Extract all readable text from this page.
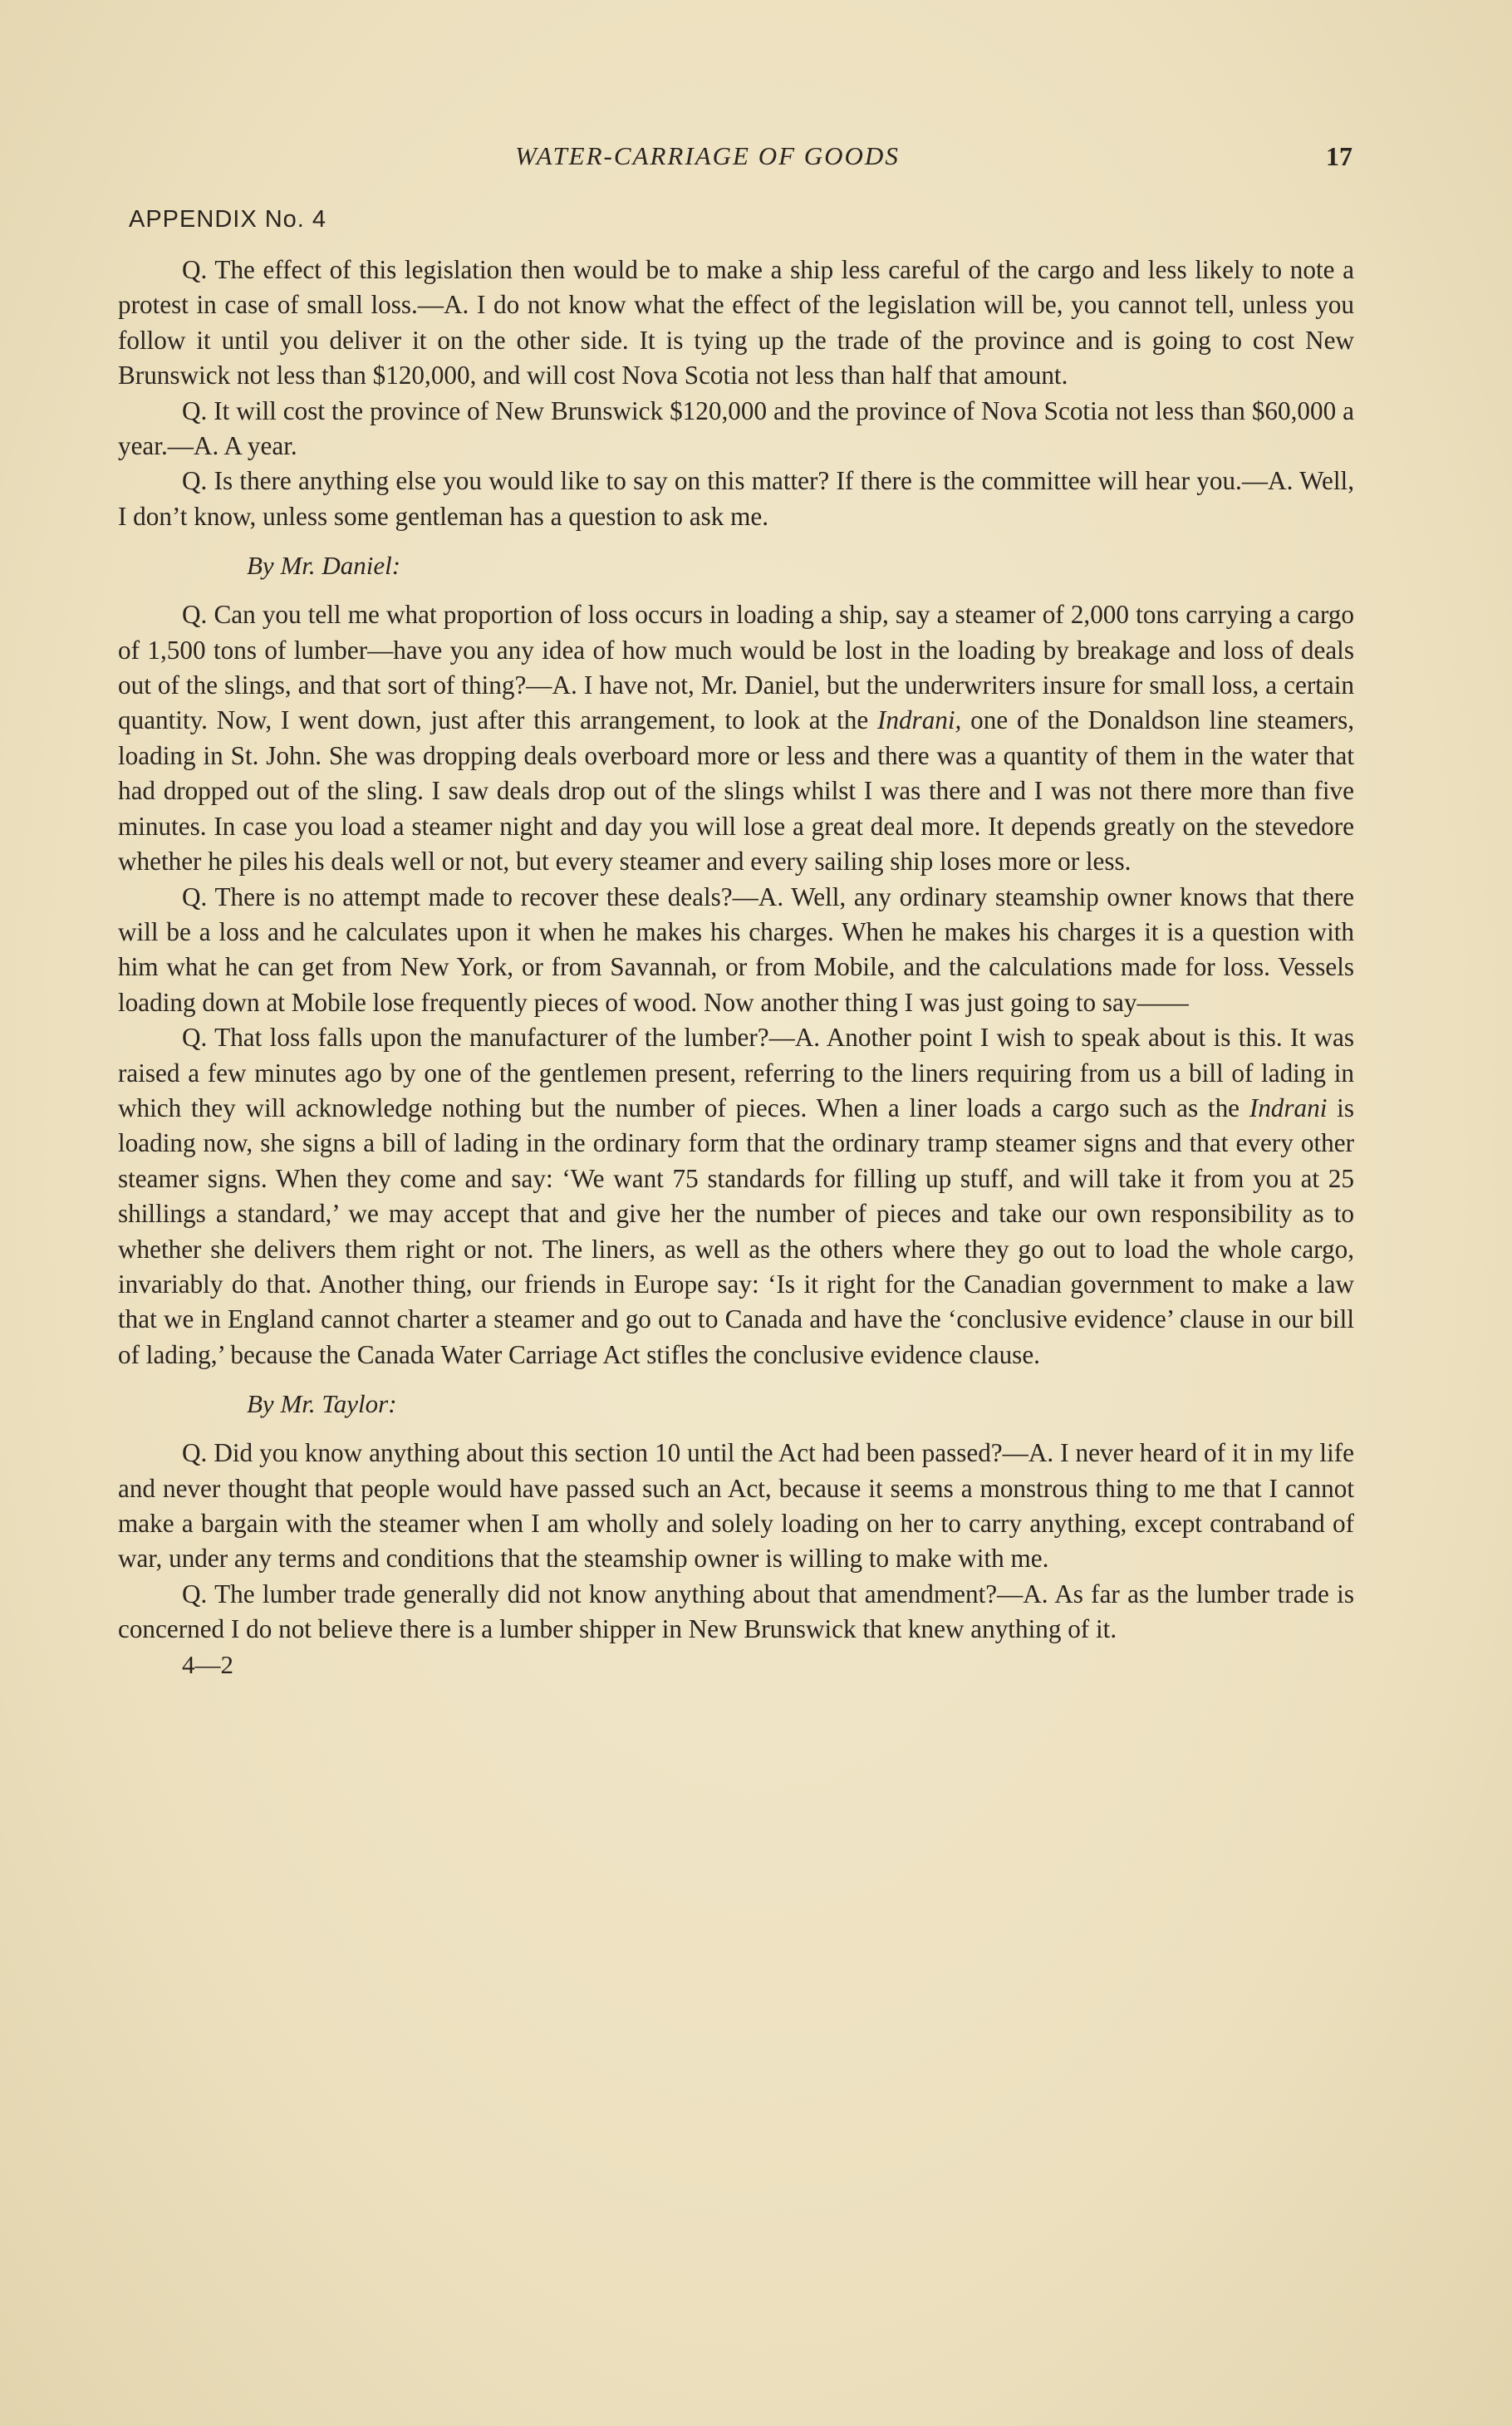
WATER-CARRIAGE OF GOODS	17
APPENDIX No. 4

Q. The effect of this legislation then would be to make a ship less careful of the cargo and less likely to note a protest in case of small loss.—A. I do not know what the effect of the legislation will be, you cannot tell, unless you follow it until you deliver it on the other side. It is tying up the trade of the province and is going to cost New Brunswick not less than $120,000, and will cost Nova Scotia not less than half that amount.

Q. It will cost the province of New Brunswick $120,000 and the province of Nova Scotia not less than $60,000 a year.—A. A year.

Q. Is there anything else you would like to say on this matter? If there is the committee will hear you.—A. Well, I don’t know, unless some gentleman has a question to ask me.

By Mr. Daniel:

Q. Can you tell me what proportion of loss occurs in loading a ship, say a steamer of 2,000 tons carrying a cargo of 1,500 tons of lumber—have you any idea of how much would be lost in the loading by breakage and loss of deals out of the slings, and that sort of thing?—A. I have not, Mr. Daniel, but the underwriters insure for small loss, a certain quantity. Now, I went down, just after this arrangement, to look at the Indrani, one of the Donaldson line steamers, loading in St. John. She was dropping deals overboard more or less and there was a quantity of them in the water that had dropped out of the sling. I saw deals drop out of the slings whilst I was there and I was not there more than five minutes. In case you load a steamer night and day you will lose a great deal more. It depends greatly on the stevedore whether he piles his deals well or not, but every steamer and every sailing ship loses more or less.

Q. There is no attempt made to recover these deals?—A. Well, any ordinary steamship owner knows that there will be a loss and he calculates upon it when he makes his charges. When he makes his charges it is a question with him what he can get from New York, or from Savannah, or from Mobile, and the calculations made for loss. Vessels loading down at Mobile lose frequently pieces of wood. Now another thing I was just going to say——

Q. That loss falls upon the manufacturer of the lumber?—A. Another point I wish to speak about is this. It was raised a few minutes ago by one of the gentlemen present, referring to the liners requiring from us a bill of lading in which they will acknowledge nothing but the number of pieces. When a liner loads a cargo such as the Indrani is loading now, she signs a bill of lading in the ordinary form that the ordinary tramp steamer signs and that every other steamer signs. When they come and say: ‘We want 75 standards for filling up stuff, and will take it from you at 25 shillings a standard,’ we may accept that and give her the number of pieces and take our own responsibility as to whether she delivers them right or not. The liners, as well as the others where they go out to load the whole cargo, invariably do that. Another thing, our friends in Europe say: ‘Is it right for the Canadian government to make a law that we in England cannot charter a steamer and go out to Canada and have the ‘conclusive evidence’ clause in our bill of lading,’ because the Canada Water Carriage Act stifles the conclusive evidence clause.

By Mr. Taylor:

Q. Did you know anything about this section 10 until the Act had been passed?—A. I never heard of it in my life and never thought that people would have passed such an Act, because it seems a monstrous thing to me that I cannot make a bargain with the steamer when I am wholly and solely loading on her to carry anything, except contraband of war, under any terms and conditions that the steamship owner is willing to make with me.

Q. The lumber trade generally did not know anything about that amendment?—A. As far as the lumber trade is concerned I do not believe there is a lumber shipper in New Brunswick that knew anything of it.

4—2
